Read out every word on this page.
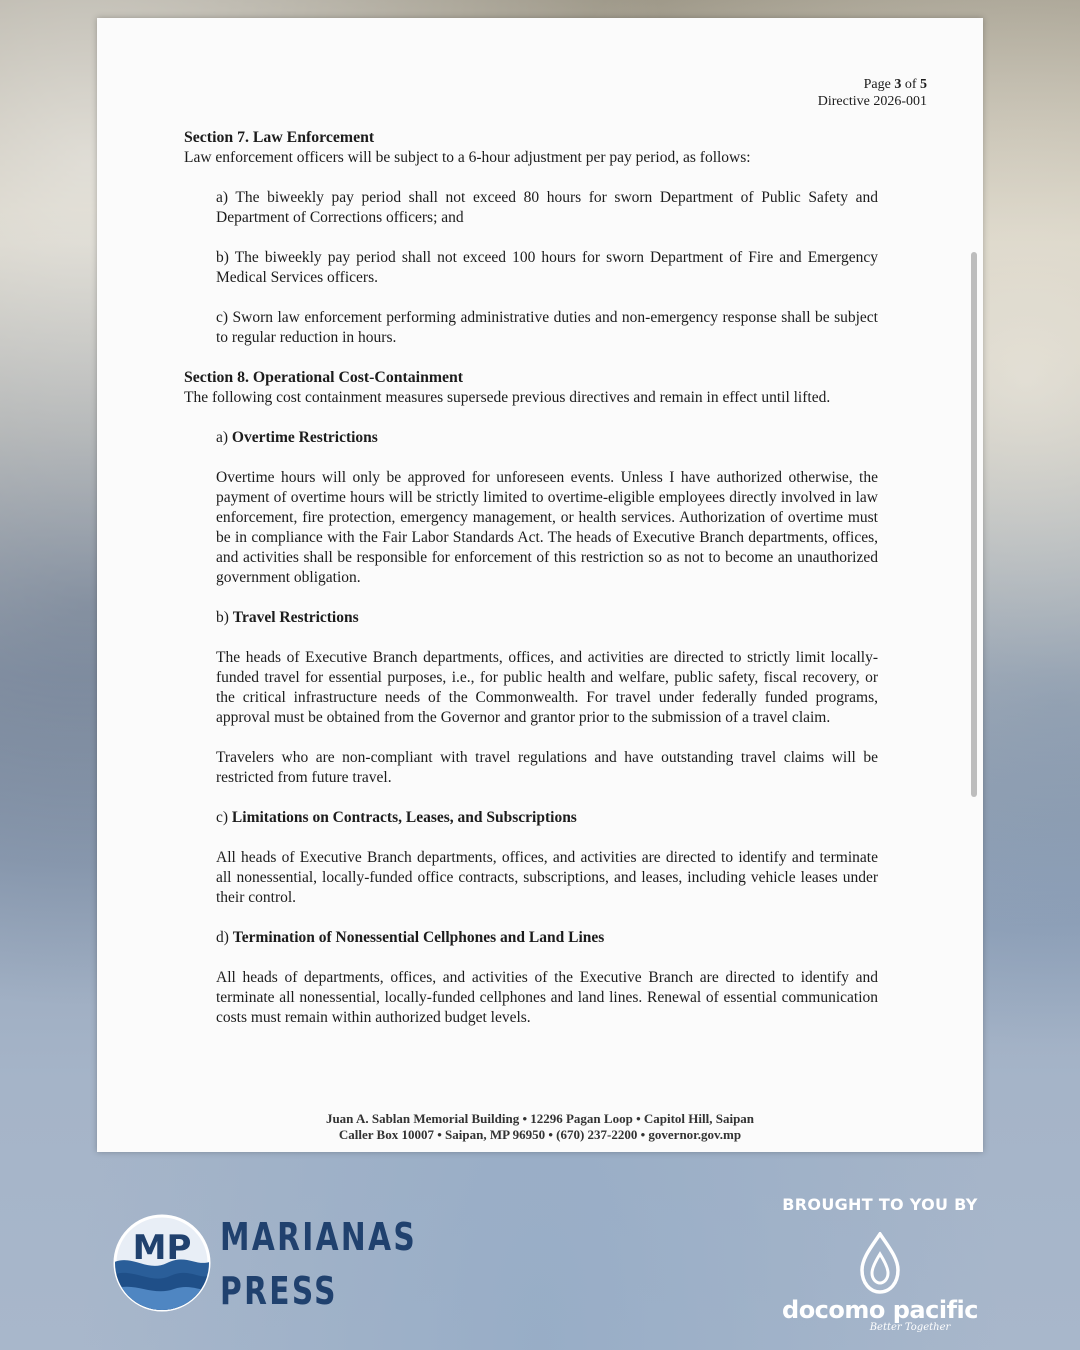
Page 3 of 5
Directive 2026-001
Section 7. Law Enforcement
Law enforcement officers will be subject to a 6-hour adjustment per pay period, as follows:
a) The biweekly pay period shall not exceed 80 hours for sworn Department of Public Safety and Department of Corrections officers; and
b) The biweekly pay period shall not exceed 100 hours for sworn Department of Fire and Emergency Medical Services officers.
c) Sworn law enforcement performing administrative duties and non-emergency response shall be subject to regular reduction in hours.
Section 8. Operational Cost-Containment
The following cost containment measures supersede previous directives and remain in effect until lifted.
a) Overtime Restrictions
Overtime hours will only be approved for unforeseen events. Unless I have authorized otherwise, the payment of overtime hours will be strictly limited to overtime-eligible employees directly involved in law enforcement, fire protection, emergency management, or health services. Authorization of overtime must be in compliance with the Fair Labor Standards Act. The heads of Executive Branch departments, offices, and activities shall be responsible for enforcement of this restriction so as not to become an unauthorized government obligation.
b) Travel Restrictions
The heads of Executive Branch departments, offices, and activities are directed to strictly limit locally-funded travel for essential purposes, i.e., for public health and welfare, public safety, fiscal recovery, or the critical infrastructure needs of the Commonwealth. For travel under federally funded programs, approval must be obtained from the Governor and grantor prior to the submission of a travel claim.
Travelers who are non-compliant with travel regulations and have outstanding travel claims will be restricted from future travel.
c) Limitations on Contracts, Leases, and Subscriptions
All heads of Executive Branch departments, offices, and activities are directed to identify and terminate all nonessential, locally-funded office contracts, subscriptions, and leases, including vehicle leases under their control.
d) Termination of Nonessential Cellphones and Land Lines
All heads of departments, offices, and activities of the Executive Branch are directed to identify and terminate all nonessential, locally-funded cellphones and land lines. Renewal of essential communication costs must remain within authorized budget levels.
Juan A. Sablan Memorial Building • 12296 Pagan Loop • Capitol Hill, Saipan
Caller Box 10007 • Saipan, MP 96950 • (670) 237-2200 • governor.gov.mp
MP MARIANAS
PRESS
BROUGHT TO YOU BY
docomo pacific
Better Together
